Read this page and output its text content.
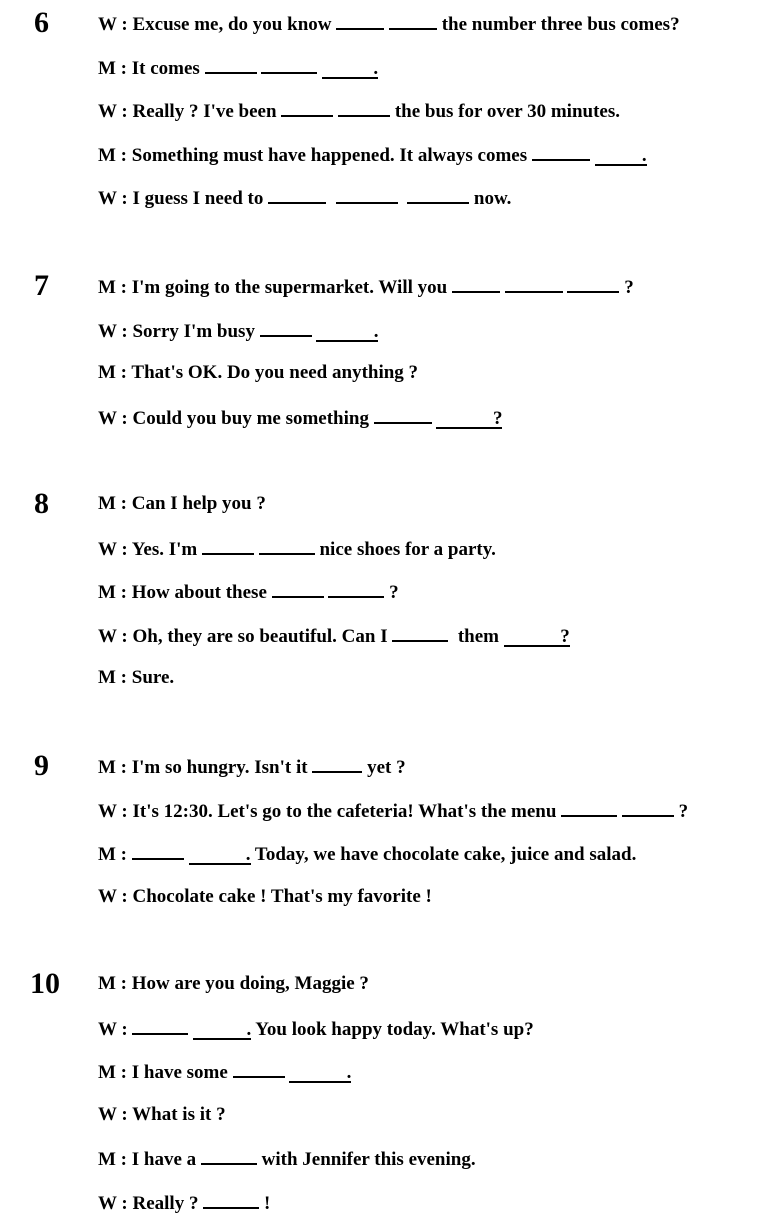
6	W : Excuse me, do you know	the number three bus comes?
M : It comes	.
W : Really ? I've been	the bus for over 30 minutes.
M : Something must have happened. It always comes	.
W : I guess I need to	now.
7	M : I'm going to the supermarket. Will you	?
W : Sorry I'm busy	.
M : That's OK. Do you need anything ?
W : Could you buy me something	?
8	M : Can I help you ?
W : Yes. I'm	nice shoes for a party.
M : How about these	?
W : Oh, they are so beautiful. Can I	them	?
M : Sure.
9	M : I'm so hungry. Isn't it	yet ?
W : It's 12:30. Let's go to the cafeteria! What's the menu	?
M :	. Today, we have chocolate cake, juice and salad.
W : Chocolate cake ! That's my favorite !
10 M : How are you doing, Maggie ?
W :	. You look happy today. What's up?
M : I have some	.
W : What is it ?
M : I have a	with Jennifer this evening.
W : Really ?	!
